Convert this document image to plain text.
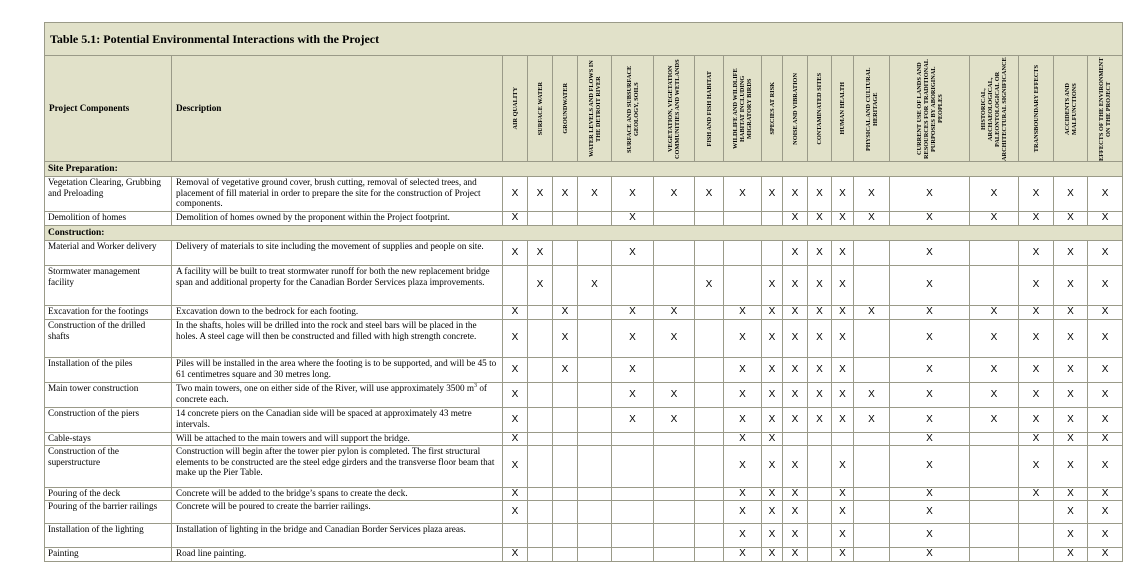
Table 5.1: Potential Environmental Interactions with the Project																			
Project Components	Description	AIR QUALITY	SURFACE WATER	GROUNDWATER	WATER LEVELS AND FLOWS IN THE DETROIT RIVER	SURFACE AND SUBSURFACE GEOLOGY, SOILS	VEGETATION, VEGETATION COMMUNITIES AND WETLANDS	FISH AND FISH HABITAT	WILDLIFE AND WILDLIFE HABITAT INCLUDING MIGRATORY BIRDS	SPECIES AT RISK	NOISE AND VIBRATION	CONTAMINATED SITES	HUMAN HEALTH	PHYSICAL AND CULTURAL HERITAGE	CURRENT USE OF LANDS AND RESOURCES FOR TRADITIONAL PURPOSES BY ABORIGINAL PEOPLES	HISTORICAL, ARCHAEOLOGICAL, PALEONTOLOGICAL OR ARCHITECTURAL SIGNIFICANCE	TRANSBOUNDARY EFFECTS	ACCIDENTS AND MALFUNCTIONS	EFFECTS OF THE ENVIRONMENT ON THE PROJECT

Site Preparation:																			
Vegetation Clearing, Grubbing and Preloading	Removal of vegetative ground cover, brush cutting, removal of selected trees, and placement of fill material in order to prepare the site for the construction of Project components.	X	X	X	X	X	X	X	X	X	X	X	X	X	X	X	X	X	X
Demolition of homes	Demolition of homes owned by the proponent within the Project footprint.	X				X					X	X	X	X	X	X	X	X	X
Construction:																			
Material and Worker delivery	Delivery of materials to site including the movement of supplies and people on site.	X	X			X					X	X	X		X		X	X	X
Stormwater management facility	A facility will be built to treat stormwater runoff for both the new replacement bridge span and additional property for the Canadian Border Services plaza improvements.		X		X			X		X	X	X	X		X		X	X	X
Excavation for the footings	Excavation down to the bedrock for each footing.	X		X		X	X		X	X	X	X	X	X	X	X	X	X	X
Construction of the drilled shafts	In the shafts, holes will be drilled into the rock and steel bars will be placed in the holes. A steel cage will then be constructed and filled with high strength concrete.	X		X		X	X		X	X	X	X	X		X	X	X	X	X
Installation of the piles	Piles will be installed in the area where the footing is to be supported, and will be 45 to 61 centimetres square and 30 metres long.	X		X		X			X	X	X	X	X		X	X	X	X	X
Main tower construction	Two main towers, one on either side of the River, will use approximately 3500 $m^3$ of concrete each.	X				X	X		X	X	X	X	X	X	X	X	X	X	X
Construction of the piers	14 concrete piers on the Canadian side will be spaced at approximately 43 metre intervals.	X				X	X		X	X	X	X	X	X	X	X	X	X	X
Cable-stays	Will be attached to the main towers and will support the bridge.	X							X	X					X		X	X	X
Construction of the superstructure	Construction will begin after the tower pier pylon is completed. The first structural elements to be constructed are the steel edge girders and the transverse floor beam that make up the Pier Table.	X							X	X	X		X		X		X	X	X
Pouring of the deck	Concrete will be added to the bridge’s spans to create the deck.	X							X	X	X		X		X		X	X	X
Pouring of the barrier railings	Concrete will be poured to create the barrier railings.	X							X	X	X		X		X			X	X
Installation of the lighting	Installation of lighting in the bridge and Canadian Border Services plaza areas.								X	X	X		X		X			X	X
Painting	Road line painting.	X							X	X	X		X		X			X	X
